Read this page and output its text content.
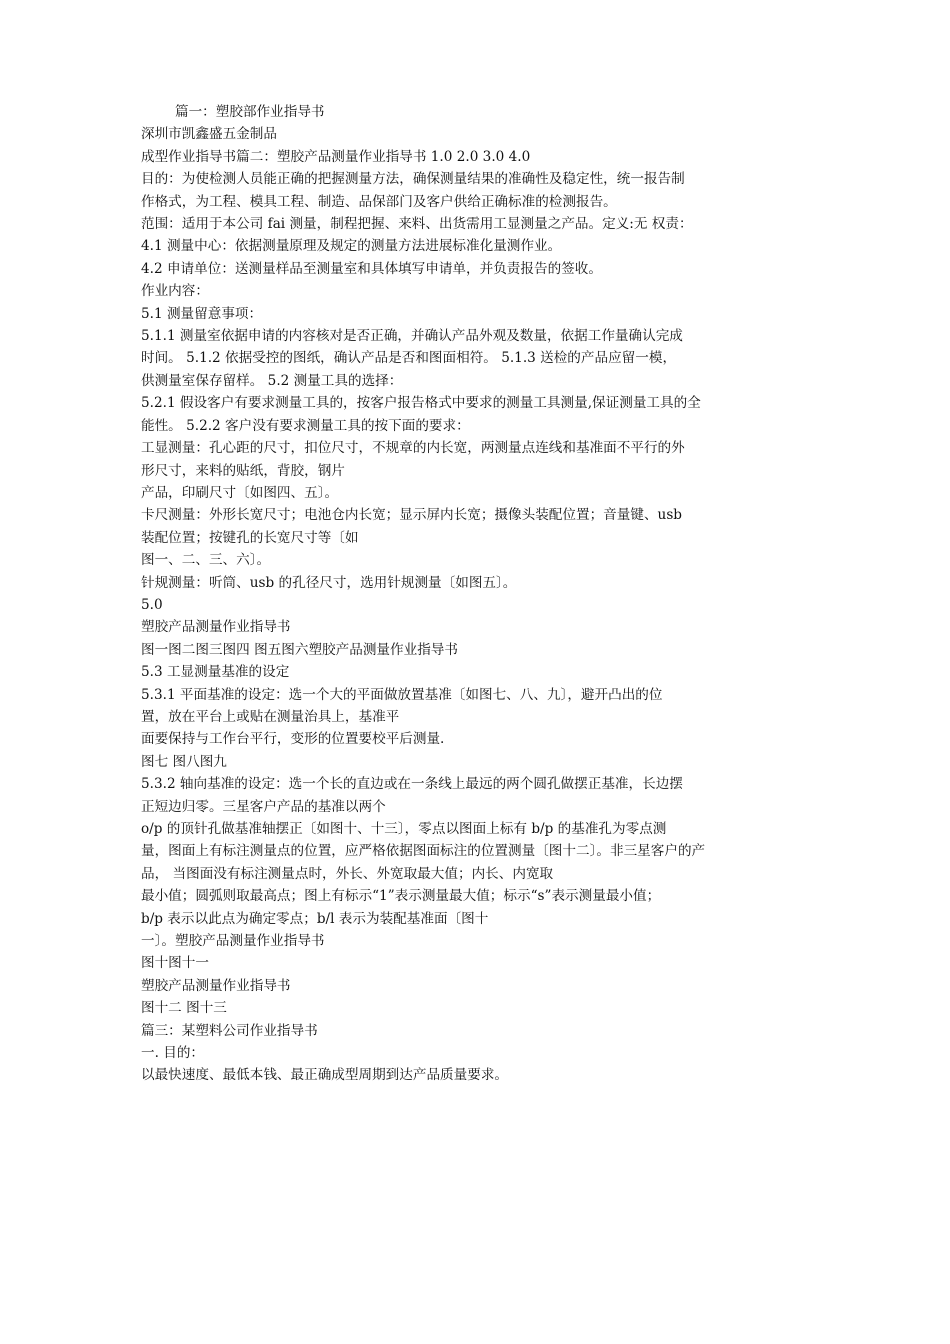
篇一：塑胶部作业指导书
深圳市凯鑫盛五金制品
成型作业指导书篇二：塑胶产品测量作业指导书 1.0 2.0 3.0 4.0
目的：为使检测人员能正确的把握测量方法，确保测量结果的准确性及稳定性，统一报告制
作格式，为工程、模具工程、制造、品保部门及客户供给正确标准的检测报告。
范围：适用于本公司 fai 测量，制程把握、来料、出货需用工显测量之产品。定义:无 权责：
4.1 测量中心：依据测量原理及规定的测量方法进展标准化量测作业。
4.2 申请单位：送测量样品至测量室和具体填写申请单，并负责报告的签收。
作业内容：
5.1 测量留意事项：
5.1.1 测量室依据申请的内容核对是否正确，并确认产品外观及数量，依据工作量确认完成
时间。 5.1.2 依据受控的图纸，确认产品是否和图面相符。 5.1.3 送检的产品应留一模，
供测量室保存留样。 5.2 测量工具的选择：
5.2.1 假设客户有要求测量工具的，按客户报告格式中要求的测量工具测量,保证测量工具的全
能性。 5.2.2 客户没有要求测量工具的按下面的要求：
工显测量：孔心距的尺寸，扣位尺寸，不规章的内长宽，两测量点连线和基准面不平行的外
形尺寸，来料的贴纸，背胶，钢片
产品，印刷尺寸〔如图四、五〕。
卡尺测量：外形长宽尺寸；电池仓内长宽；显示屏内长宽；摄像头装配位置；音量键、usb
装配位置；按键孔的长宽尺寸等〔如
图一、二、三、六〕。
针规测量：听筒、usb 的孔径尺寸，选用针规测量〔如图五〕。
5.0
塑胶产品测量作业指导书
图一图二图三图四 图五图六塑胶产品测量作业指导书
5.3 工显测量基准的设定
5.3.1 平面基准的设定：选一个大的平面做放置基准〔如图七、八、九〕，避开凸出的位
置，放在平台上或贴在测量治具上，基准平
面要保持与工作台平行，变形的位置要校平后测量.
图七 图八图九
5.3.2 轴向基准的设定：选一个长的直边或在一条线上最远的两个圆孔做摆正基准，长边摆
正短边归零。三星客户产品的基准以两个
o/p 的顶针孔做基准轴摆正〔如图十、十三〕，零点以图面上标有 b/p 的基准孔为零点测
量，图面上有标注测量点的位置，应严格依据图面标注的位置测量〔图十二〕。非三星客户的产
品， 当图面没有标注测量点时，外长、外宽取最大值；内长、内宽取
最小值；圆弧则取最高点；图上有标示“1”表示测量最大值；标示“s”表示测量最小值；
b/p 表示以此点为确定零点；b/l 表示为装配基准面〔图十
一〕。塑胶产品测量作业指导书
图十图十一
塑胶产品测量作业指导书
图十二 图十三
篇三：某塑料公司作业指导书
一. 目的：
以最快速度、最低本钱、最正确成型周期到达产品质量要求。
